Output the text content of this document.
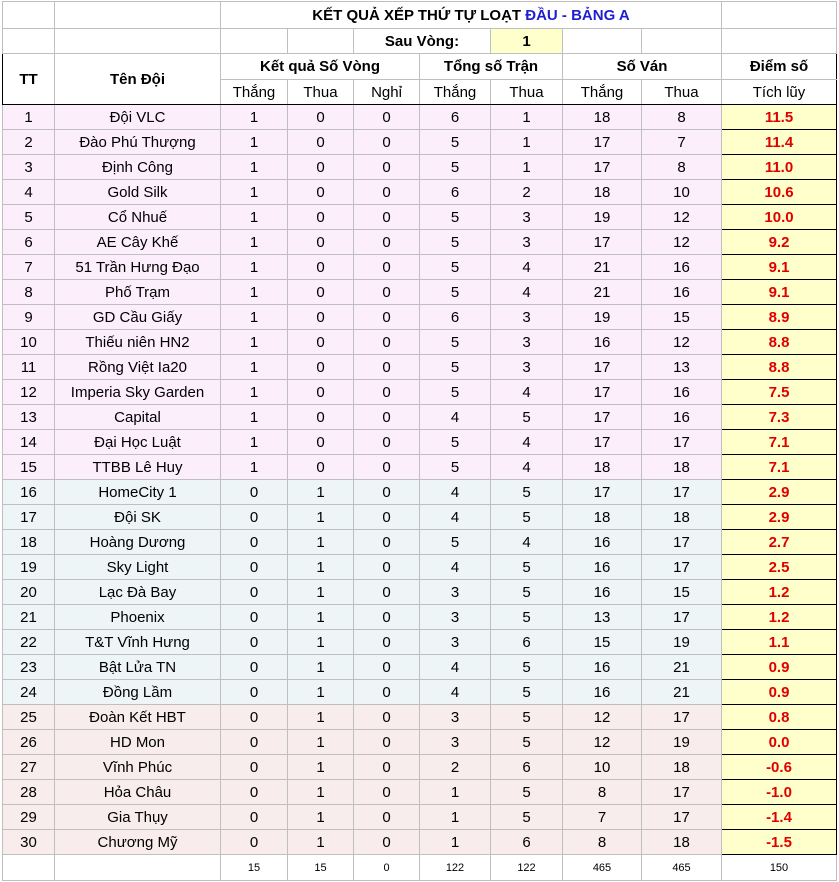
		KẾT QUẢ XẾP THỨ TỰ LOẠT ĐẦU - BẢNG A							
				Sau Vòng:		1			
TT	Tên Đội	Kết quả Số Vòng			Tổng số Trận		Số Ván		Điểm số
		Thắng	Thua	Nghỉ	Thắng	Thua	Thắng	Thua	Tích lũy
1	Đội VLC	1	0	0	6	1	18	8	11.5
2	Đào Phú Thượng	1	0	0	5	1	17	7	11.4
3	Định Công	1	0	0	5	1	17	8	11.0
4	Gold Silk	1	0	0	6	2	18	10	10.6
5	Cổ Nhuế	1	0	0	5	3	19	12	10.0
6	AE Cây Khế	1	0	0	5	3	17	12	9.2
7	51 Trần Hưng Đạo	1	0	0	5	4	21	16	9.1
8	Phố Trạm	1	0	0	5	4	21	16	9.1
9	GD Cầu Giấy	1	0	0	6	3	19	15	8.9
10	Thiếu niên HN2	1	0	0	5	3	16	12	8.8
11	Rồng Việt Ia20	1	0	0	5	3	17	13	8.8
12	Imperia Sky Garden	1	0	0	5	4	17	16	7.5
13	Capital	1	0	0	4	5	17	16	7.3
14	Đại Học Luật	1	0	0	5	4	17	17	7.1
15	TTBB Lê Huy	1	0	0	5	4	18	18	7.1
16	HomeCity 1	0	1	0	4	5	17	17	2.9
17	Đội SK	0	1	0	4	5	18	18	2.9
18	Hoàng Dương	0	1	0	5	4	16	17	2.7
19	Sky Light	0	1	0	4	5	16	17	2.5
20	Lạc Đà Bay	0	1	0	3	5	16	15	1.2
21	Phoenix	0	1	0	3	5	13	17	1.2
22	T&T Vĩnh Hưng	0	1	0	3	6	15	19	1.1
23	Bật Lửa TN	0	1	0	4	5	16	21	0.9
24	Đồng Lầm	0	1	0	4	5	16	21	0.9
25	Đoàn Kết HBT	0	1	0	3	5	12	17	0.8
26	HD Mon	0	1	0	3	5	12	19	0.0
27	Vĩnh Phúc	0	1	0	2	6	10	18	-0.6
28	Hỏa Châu	0	1	0	1	5	8	17	-1.0
29	Gia Thụy	0	1	0	1	5	7	17	-1.4
30	Chương Mỹ	0	1	0	1	6	8	18	-1.5
		15	15	0	122	122	465	465	150
